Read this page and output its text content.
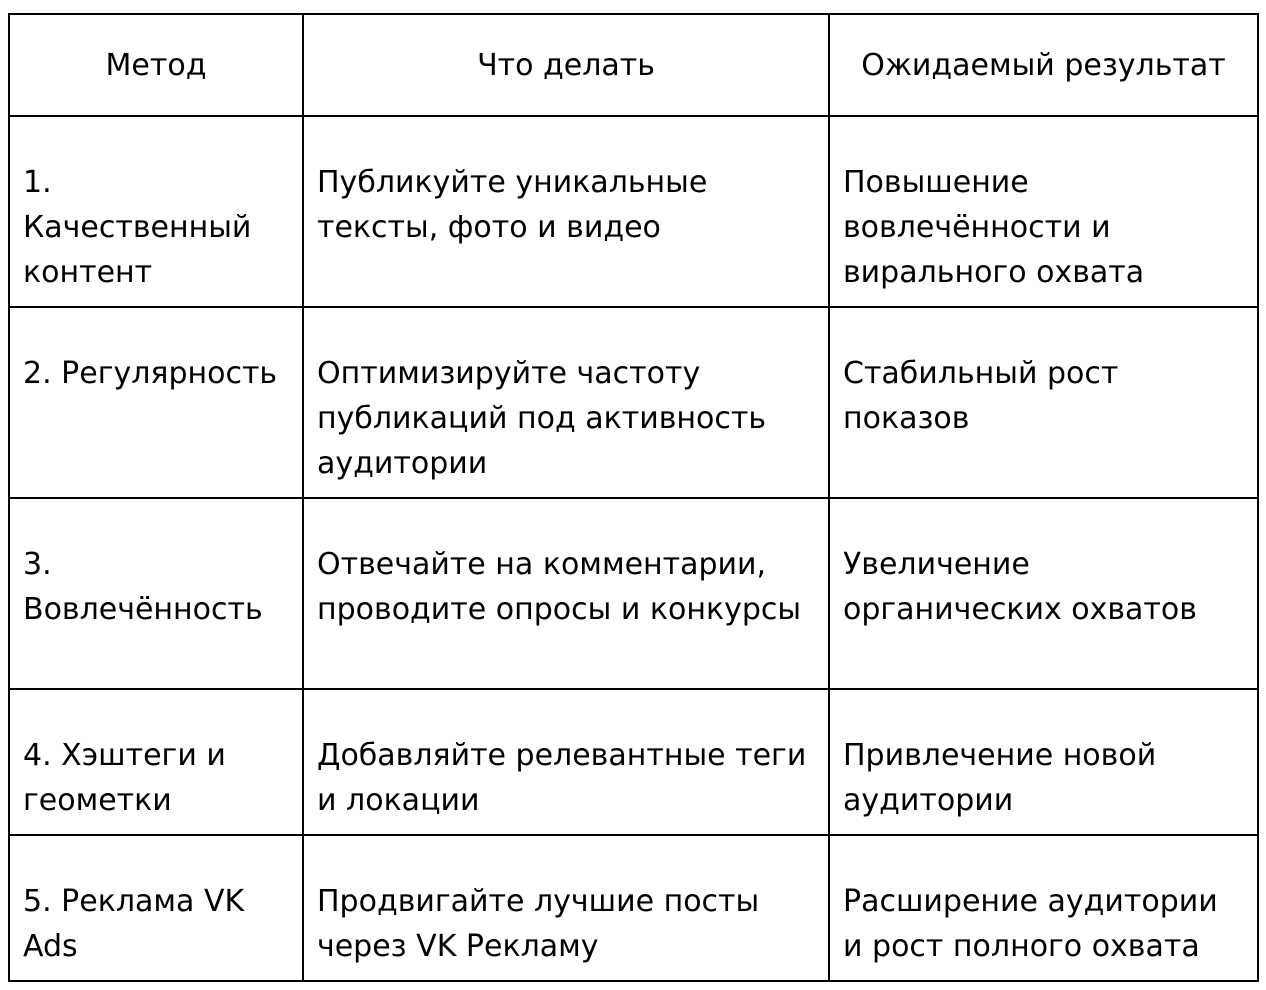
Метод	Что делать	Ожидаемый результат
1. Качественный контент	Публикуйте уникальные тексты, фото и видео	Повышение вовлечённости и вирального охвата
2. Регулярность	Оптимизируйте частоту публикаций под активность аудитории	Стабильный рост показов
3. Вовлечённость	Отвечайте на комментарии, проводите опросы и конкурсы	Увеличение органических охватов
4. Хэштеги и геометки	Добавляйте релевантные теги и локации	Привлечение новой аудитории
5. Реклама VK Ads	Продвигайте лучшие посты через VK Рекламу	Расширение аудитории и рост полного охвата
